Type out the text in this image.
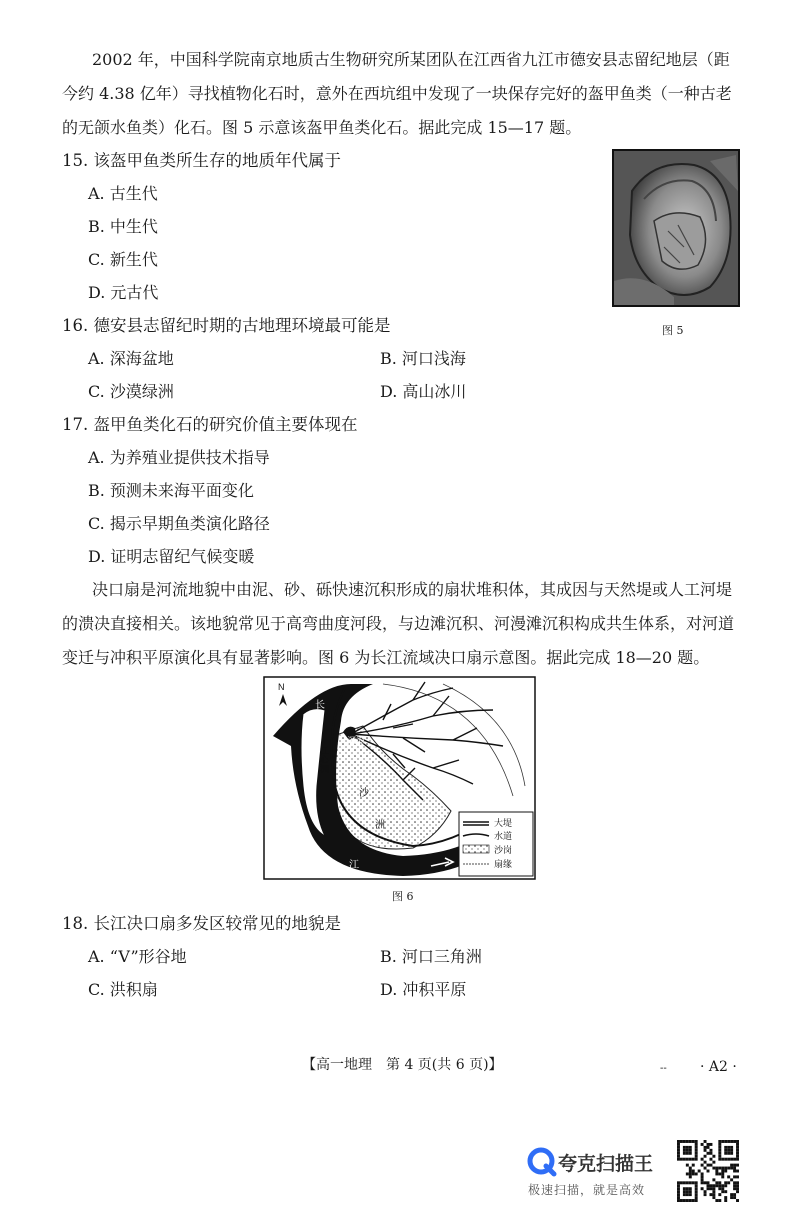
2002 年，中国科学院南京地质古生物研究所某团队在江西省九江市德安县志留纪地层（距
今约 4.38 亿年）寻找植物化石时，意外在西坑组中发现了一块保存完好的盔甲鱼类（一种古老
的无颌水鱼类）化石。图 5 示意该盔甲鱼类化石。据此完成 15—17 题。
15. 该盔甲鱼类所生存的地质年代属于
A. 古生代
B. 中生代
C. 新生代
D. 元古代
图 5
16. 德安县志留纪时期的古地理环境最可能是
A. 深海盆地	B. 河口浅海
C. 沙漠绿洲	D. 高山冰川
17. 盔甲鱼类化石的研究价值主要体现在
A. 为养殖业提供技术指导
B. 预测未来海平面变化
C. 揭示早期鱼类演化路径
D. 证明志留纪气候变暖
决口扇是河流地貌中由泥、砂、砾快速沉积形成的扇状堆积体，其成因与天然堤或人工河堤
的溃决直接相关。该地貌常见于高弯曲度河段，与边滩沉积、河漫滩沉积构成共生体系，对河道
变迁与冲积平原演化具有显著影响。图 6 为长江流域决口扇示意图。据此完成 18—20 题。
N
长
江
江心洲
深潭
沙
洲	大堤
水道
沙岗
扇缘
图 6
18. 长江决口扇多发区较常见的地貌是
A. “V”形谷地	B. 河口三角洲
C. 洪积扇	D. 冲积平原
【高一地理　第 4 页(共 6 页)】	-- · A2 ·
夸克扫描王
极速扫描，就是高效
